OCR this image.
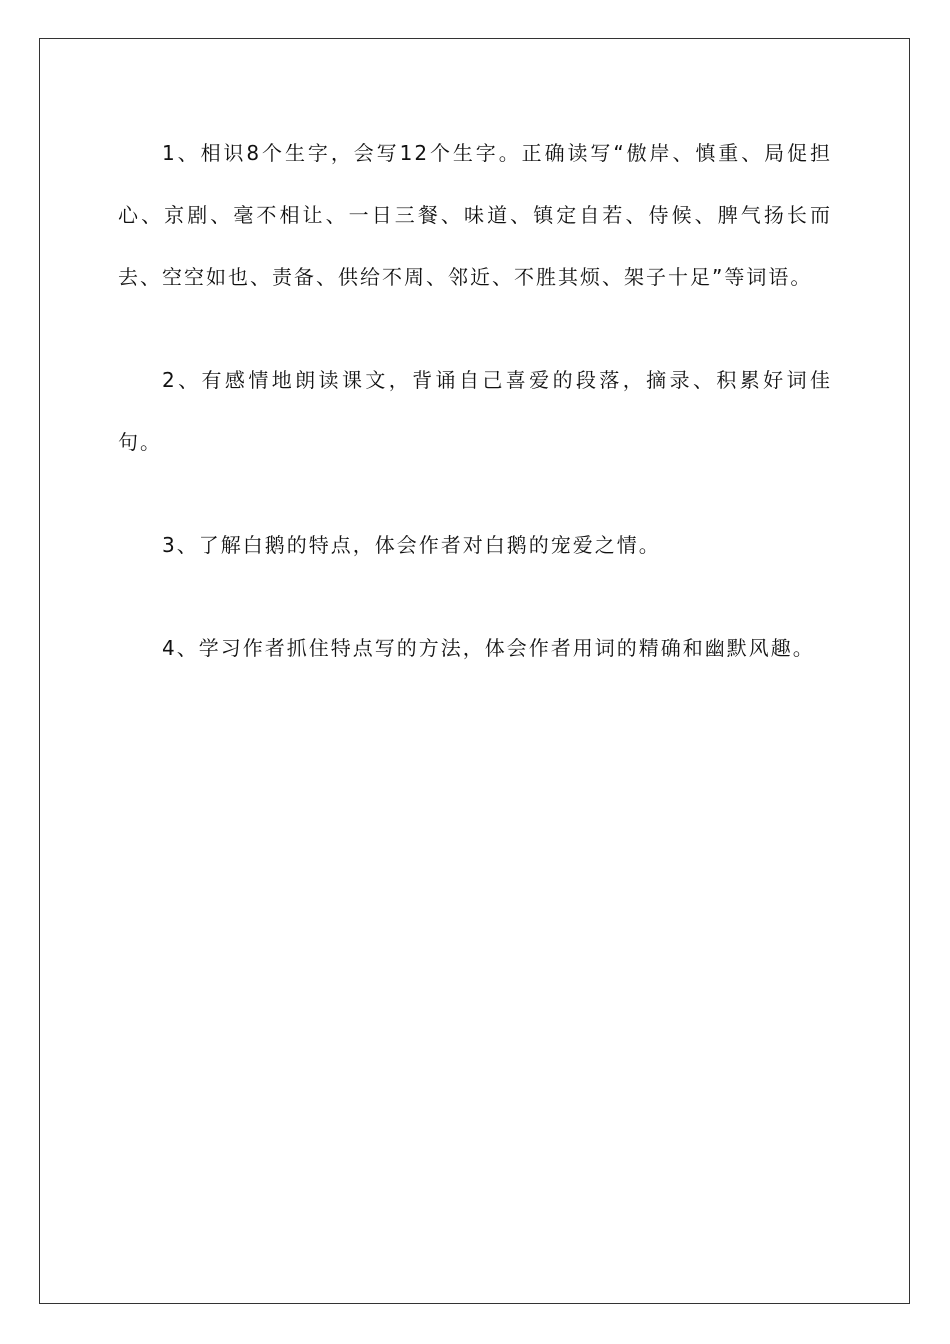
1、相识8个生字，会写12个生字。正确读写“傲岸、慎重、局促担心、京剧、毫不相让、一日三餐、味道、镇定自若、侍候、脾气扬长而去、空空如也、责备、供给不周、邻近、不胜其烦、架子十足”等词语。

2、有感情地朗读课文，背诵自己喜爱的段落，摘录、积累好词佳句。

3、了解白鹅的特点，体会作者对白鹅的宠爱之情。

4、学习作者抓住特点写的方法，体会作者用词的精确和幽默风趣。
